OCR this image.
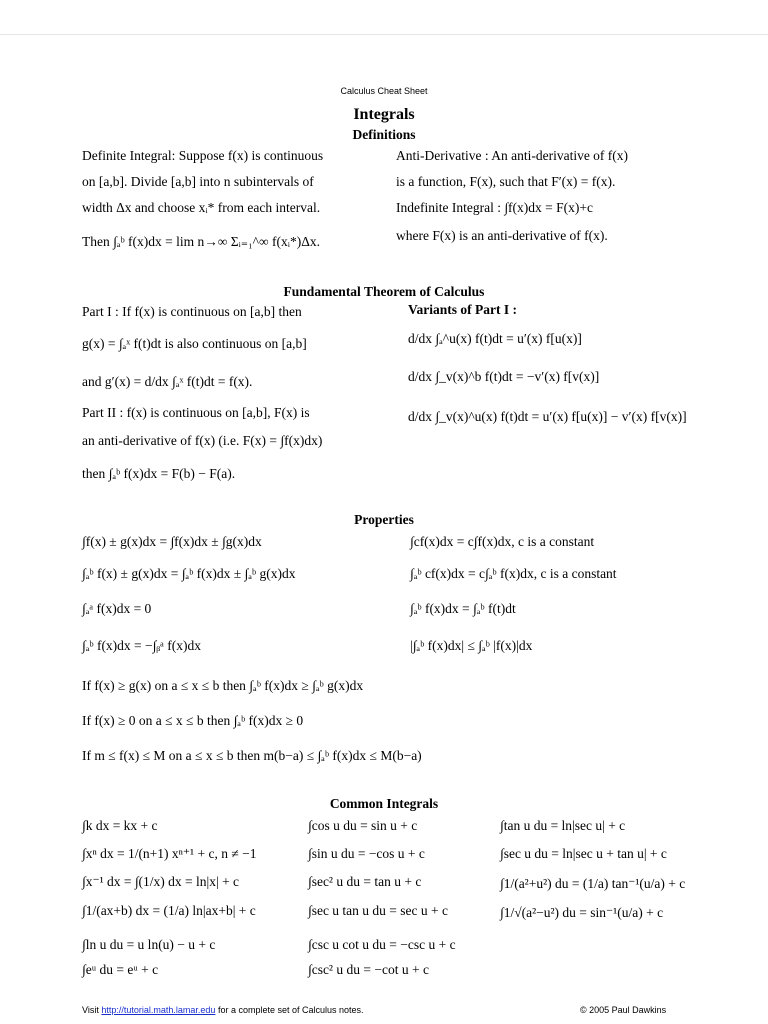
Calculus Cheat Sheet
Integrals
Definitions
Definite Integral: Suppose f(x) is continuous
on [a,b]. Divide [a,b] into n subintervals of
width Δx and choose xᵢ* from each interval.
Then ∫ₐᵇ f(x)dx = lim n→∞ Σᵢ₌₁^∞ f(xᵢ*)Δx.
Anti-Derivative : An anti-derivative of f(x)
is a function, F(x), such that F′(x) = f(x).
Indefinite Integral : ∫f(x)dx = F(x)+c
where F(x) is an anti-derivative of f(x).
Fundamental Theorem of Calculus
Part I : If f(x) is continuous on [a,b] then
g(x) = ∫ₐˣ f(t)dt is also continuous on [a,b]
and g′(x) = d/dx ∫ₐˣ f(t)dt = f(x).
Part II : f(x) is continuous on [a,b], F(x) is
an anti-derivative of f(x) (i.e. F(x) = ∫f(x)dx)
then ∫ₐᵇ f(x)dx = F(b) − F(a).
Variants of Part I :
d/dx ∫ₐ^u(x) f(t)dt = u′(x) f[u(x)]
d/dx ∫_v(x)^b f(t)dt = −v′(x) f[v(x)]
d/dx ∫_v(x)^u(x) f(t)dt = u′(x) f[u(x)] − v′(x) f[v(x)]
Properties
∫f(x) ± g(x)dx = ∫f(x)dx ± ∫g(x)dx
∫ₐᵇ f(x) ± g(x)dx = ∫ₐᵇ f(x)dx ± ∫ₐᵇ g(x)dx
∫ₐᵃ f(x)dx = 0
∫ₐᵇ f(x)dx = −∫ᵦᵃ f(x)dx
∫cf(x)dx = c∫f(x)dx, c is a constant
∫ₐᵇ cf(x)dx = c∫ₐᵇ f(x)dx, c is a constant
∫ₐᵇ f(x)dx = ∫ₐᵇ f(t)dt
|∫ₐᵇ f(x)dx| ≤ ∫ₐᵇ |f(x)|dx
If f(x) ≥ g(x) on a ≤ x ≤ b then ∫ₐᵇ f(x)dx ≥ ∫ₐᵇ g(x)dx
If f(x) ≥ 0 on a ≤ x ≤ b then ∫ₐᵇ f(x)dx ≥ 0
If m ≤ f(x) ≤ M on a ≤ x ≤ b then m(b−a) ≤ ∫ₐᵇ f(x)dx ≤ M(b−a)
Common Integrals
∫k dx = kx + c
∫xⁿ dx = 1/(n+1) xⁿ⁺¹ + c, n ≠ −1
∫x⁻¹ dx = ∫(1/x) dx = ln|x| + c
∫1/(ax+b) dx = (1/a) ln|ax+b| + c
∫ln u du = u ln(u) − u + c
∫eᵘ du = eᵘ + c
∫cos u du = sin u + c
∫sin u du = −cos u + c
∫sec² u du = tan u + c
∫sec u tan u du = sec u + c
∫csc u cot u du = −csc u + c
∫csc² u du = −cot u + c
∫tan u du = ln|sec u| + c
∫sec u du = ln|sec u + tan u| + c
∫1/(a²+u²) du = (1/a) tan⁻¹(u/a) + c
∫1/√(a²−u²) du = sin⁻¹(u/a) + c
Visit http://tutorial.math.lamar.edu for a complete set of Calculus notes.	© 2005 Paul Dawkins
